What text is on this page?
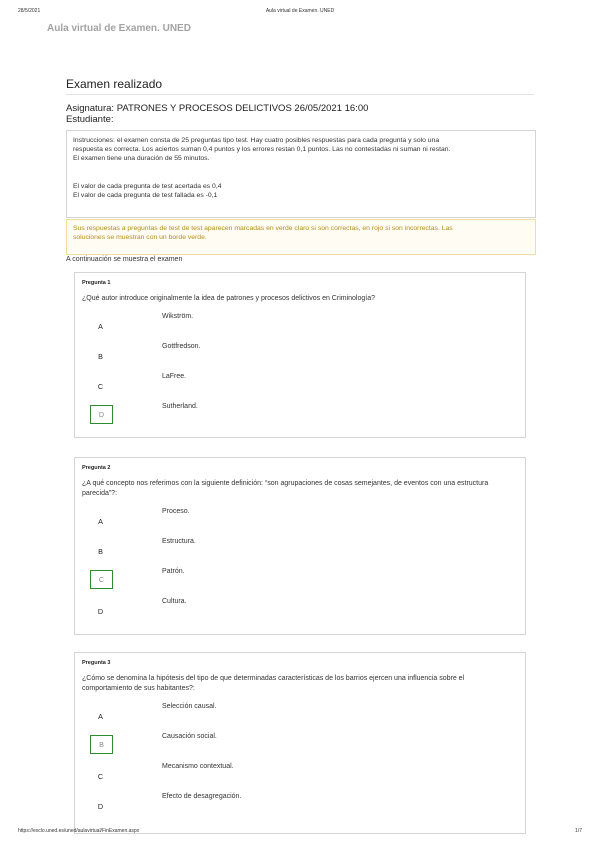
28/5/2021	Aula virtual de Examen. UNED
Aula virtual de Examen. UNED
Examen realizado
Asignatura: PATRONES Y PROCESOS DELICTIVOS 26/05/2021 16:00
Estudiante:

Instrucciones: el examen consta de 25 preguntas tipo test. Hay cuatro posibles respuestas para cada pregunta y solo una

respuesta es correcta. Los aciertos suman 0,4 puntos y los errores restan 0,1 puntos. Las no contestadas ni suman ni restan.

El examen tiene una duración de 55 minutos.

El valor de cada pregunta de test acertada es 0,4

El valor de cada pregunta de test fallada es -0,1

Sus respuestas a preguntas de test de test aparecen marcadas en verde claro si son correctas, en rojo si son incorrectas. Las
soluciones se muestran con un borde verde.
A continuación se muestra el examen
Pregunta 1
¿Qué autor introduce originalmente la idea de patrones y procesos delictivos en Criminología?
A
Wikström.
B
Gottfredson.
C
LaFree.
D
Sutherland.
Pregunta 2
¿A qué concepto nos referimos con la siguiente definición: “son agrupaciones de cosas semejantes, de eventos con una estructura parecida”?:
A
Proceso.
B
Estructura.
C
Patrón.
D
Cultura.
Pregunta 3
¿Cómo se denomina la hipótesis del tipo de que determinadas características de los barrios ejercen una influencia sobre el comportamiento de sus habitantes?:
A
Selección causal.
B
Causación social.
C
Mecanismo contextual.
D
Efecto de desagregación.
https://exclo.uned.es/uned/aulavirtual/FinExamen.aspx	1/7
